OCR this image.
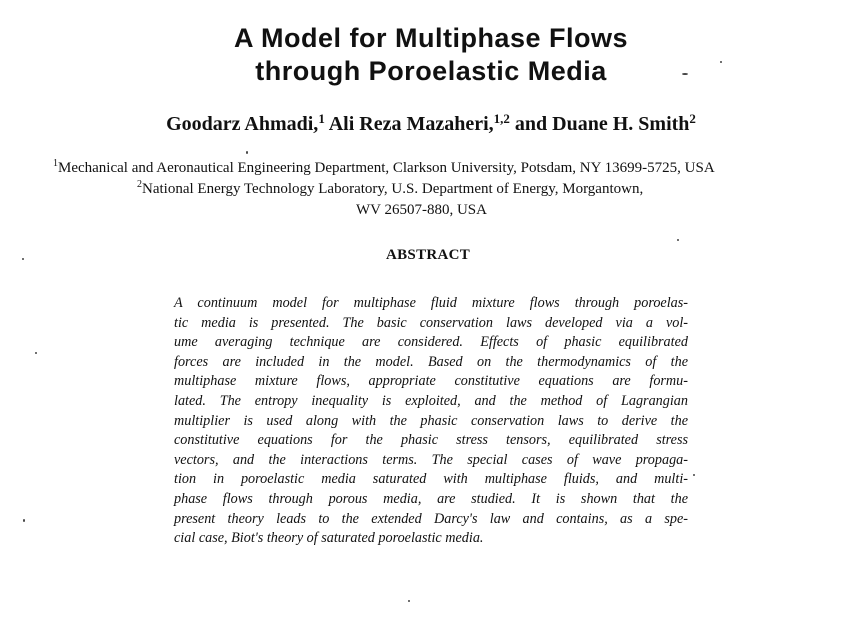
A Model for Multiphase Flows
through Poroelastic Media
Goodarz Ahmadi,$^1$ Ali Reza Mazaheri,$^{1,2}$ and Duane H. Smith$^2$
$^1$Mechanical and Aeronautical Engineering Department, Clarkson University, Potsdam, NY 13699-5725, USA
$^2$National Energy Technology Laboratory, U.S. Department of Energy, Morgantown,
WV 26507-880, USA
ABSTRACT
A continuum model for multiphase fluid mixture flows through poroelas-
tic media is presented. The basic conservation laws developed via a vol-
ume averaging technique are considered. Effects of phasic equilibrated
forces are included in the model. Based on the thermodynamics of the
multiphase mixture flows, appropriate constitutive equations are formu-
lated. The entropy inequality is exploited, and the method of Lagrangian
multiplier is used along with the phasic conservation laws to derive the
constitutive equations for the phasic stress tensors, equilibrated stress
vectors, and the interactions terms. The special cases of wave propaga-
tion in poroelastic media saturated with multiphase fluids, and multi-
phase flows through porous media, are studied. It is shown that the
present theory leads to the extended Darcy's law and contains, as a spe-
cial case, Biot's theory of saturated poroelastic media.
